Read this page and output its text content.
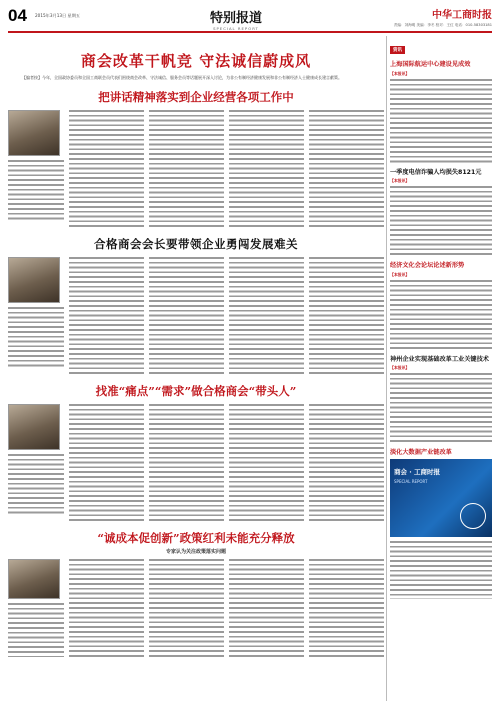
04 2015年3月13日 星期五	特别报道
SPECIAL REPORT
中华工商时报
责编：刘海明 美编：李冬 校对：王红 电话：010-58303181
商会改革干帆竞 守法诚信蔚成风
【编者按】今年，全国政协委员和全国工商联会员代表们围绕商会改革、守法诚信、服务会员等话题展开深入讨论，为非公有制经济健康发展和非公有制经济人士健康成长建言献策。
把讲话精神落实到企业经营各项工作中
合格商会会长要带领企业勇闯发展难关
找准“痛点”“需求”做合格商会“带头人”
“诚成本促创新”政策红利未能充分释放
专家认为关注政策落实问题
资讯
上海国际航运中心建设见成效
【本报讯】
一季度电信诈骗人均损失8121元
【本报讯】
经济文化会论坛论述新形势
【本报讯】
神州企业实现基础改革工业关键技术
【本报讯】
淡化大数据产业链改革
商会 · 工商时报
SPECIAL REPORT
